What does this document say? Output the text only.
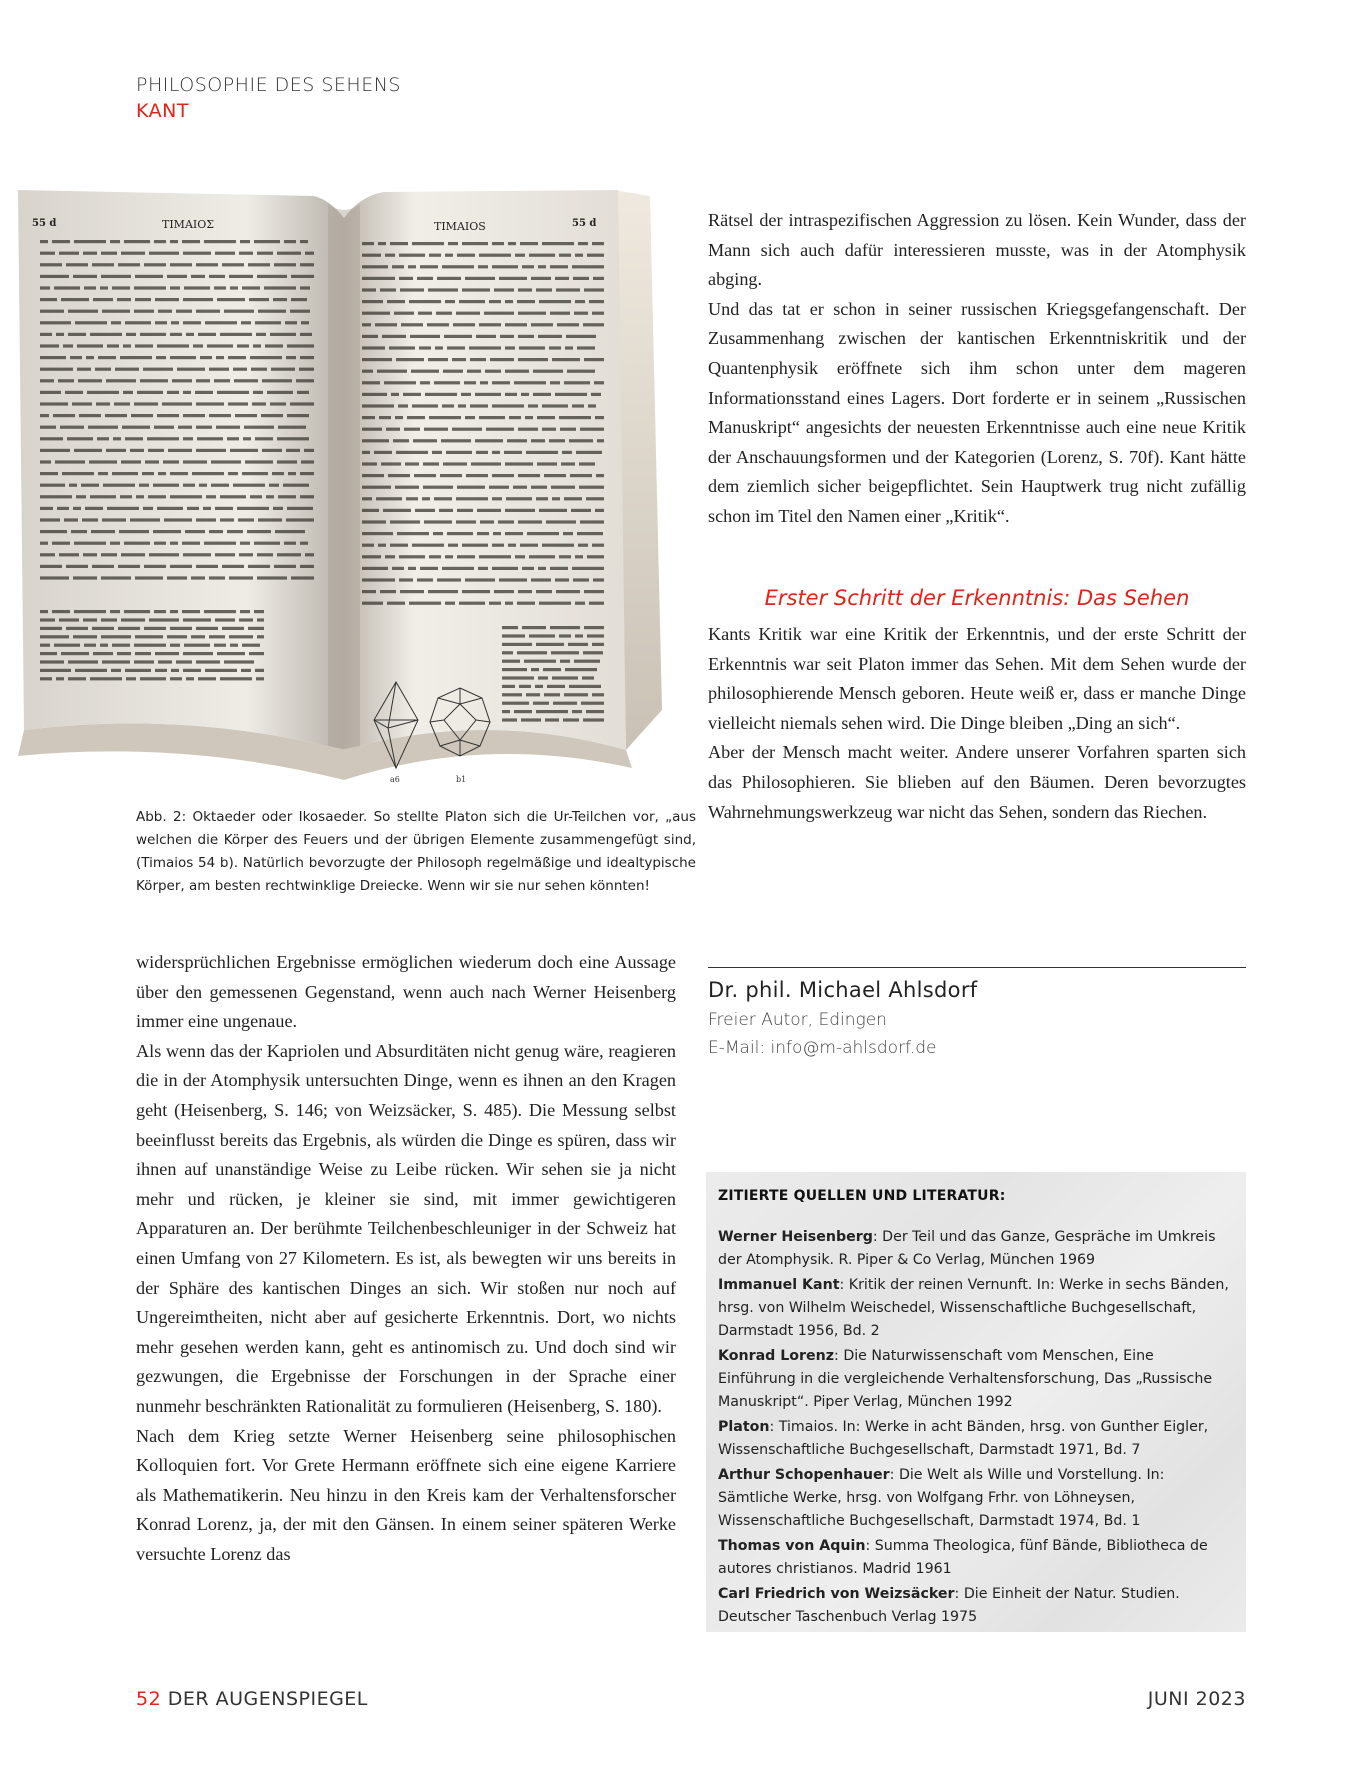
PHILOSOPHIE DES SEHENS
KANT
55 d	ΤΙΜΑΙΟΣ	TIMAIOS	55 d
a6	b1
Abb. 2: Oktaeder oder Ikosaeder. So stellte Platon sich die Ur-Teilchen vor, „aus welchen die Körper des Feuers und der übrigen Elemente zusammengefügt sind, (Timaios 54 b). Natürlich bevorzugte der Philosoph regelmäßige und idealtypische Körper, am besten rechtwinklige Dreiecke. Wenn wir sie nur sehen könnten!

Rätsel der intraspezifischen Aggression zu lösen. Kein Wunder, dass der Mann sich auch dafür interessieren musste, was in der Atomphysik abging.

Und das tat er schon in seiner russischen Kriegsgefangenschaft. Der Zusammenhang zwischen der kantischen Erkenntniskritik und der Quantenphysik eröffnete sich ihm schon unter dem mageren Informationsstand eines Lagers. Dort forderte er in seinem „Russischen Manuskript“ angesichts der neuesten Erkenntnisse auch eine neue Kritik der Anschauungsformen und der Kategorien (Lorenz, S. 70f). Kant hätte dem ziemlich sicher beigepflichtet. Sein Hauptwerk trug nicht zufällig schon im Titel den Namen einer „Kritik“.

Erster Schritt der Erkenntnis: Das Sehen

Kants Kritik war eine Kritik der Erkenntnis, und der erste Schritt der Erkenntnis war seit Platon immer das Sehen. Mit dem Sehen wurde der philosophierende Mensch geboren. Heute weiß er, dass er manche Dinge vielleicht niemals sehen wird. Die Dinge bleiben „Ding an sich“.

Aber der Mensch macht weiter. Andere unserer Vorfahren sparten sich das Philosophieren. Sie blieben auf den Bäumen. Deren bevorzugtes Wahrnehmungswerkzeug war nicht das Sehen, sondern das Riechen.

widersprüchlichen Ergebnisse ermöglichen wiederum doch eine Aussage über den gemessenen Gegenstand, wenn auch nach Werner Heisenberg immer eine ungenaue.

Als wenn das der Kapriolen und Absurditäten nicht genug wäre, reagieren die in der Atomphysik untersuchten Dinge, wenn es ihnen an den Kragen geht (Heisenberg, S. 146; von Weizsäcker, S. 485). Die Messung selbst beeinflusst bereits das Ergebnis, als würden die Dinge es spüren, dass wir ihnen auf unanständige Weise zu Leibe rücken. Wir sehen sie ja nicht mehr und rücken, je kleiner sie sind, mit immer gewichtigeren Apparaturen an. Der berühmte Teilchenbeschleuniger in der Schweiz hat einen Umfang von 27 Kilometern. Es ist, als bewegten wir uns bereits in der Sphäre des kantischen Dinges an sich. Wir stoßen nur noch auf Ungereimtheiten, nicht aber auf gesicherte Erkenntnis. Dort, wo nichts mehr gesehen werden kann, geht es antinomisch zu. Und doch sind wir gezwungen, die Ergebnisse der Forschungen in der Sprache einer nunmehr beschränkten Rationalität zu formulieren (Heisenberg, S. 180).

Nach dem Krieg setzte Werner Heisenberg seine philosophischen Kolloquien fort. Vor Grete Hermann eröffnete sich eine eigene Karriere als Mathematikerin. Neu hinzu in den Kreis kam der Verhaltensforscher Konrad Lorenz, ja, der mit den Gänsen. In einem seiner späteren Werke versuchte Lorenz das

Dr. phil. Michael Ahlsdorf
Freier Autor, Edingen
E-Mail: info@m-ahlsdorf.de
ZITIERTE QUELLEN UND LITERATUR:

Werner Heisenberg: Der Teil und das Ganze, Gespräche im Umkreis der Atomphysik. R. Piper & Co Verlag, München 1969

Immanuel Kant: Kritik der reinen Vernunft. In: Werke in sechs Bänden, hrsg. von Wilhelm Weischedel, Wissenschaftliche Buchgesellschaft, Darmstadt 1956, Bd. 2

Konrad Lorenz: Die Naturwissenschaft vom Menschen, Eine Einführung in die vergleichende Verhaltensforschung, Das „Russische Manuskript“. Piper Verlag, München 1992

Platon: Timaios. In: Werke in acht Bänden, hrsg. von Gunther Eigler, Wissenschaftliche Buchgesellschaft, Darmstadt 1971, Bd. 7

Arthur Schopenhauer: Die Welt als Wille und Vorstellung. In: Sämtliche Werke, hrsg. von Wolfgang Frhr. von Löhneysen, Wissenschaftliche Buchgesellschaft, Darmstadt 1974, Bd. 1

Thomas von Aquin: Summa Theologica, fünf Bände, Bibliotheca de autores christianos. Madrid 1961

Carl Friedrich von Weizsäcker: Die Einheit der Natur. Studien. Deutscher Taschenbuch Verlag 1975

52 DER AUGENSPIEGEL	JUNI 2023
